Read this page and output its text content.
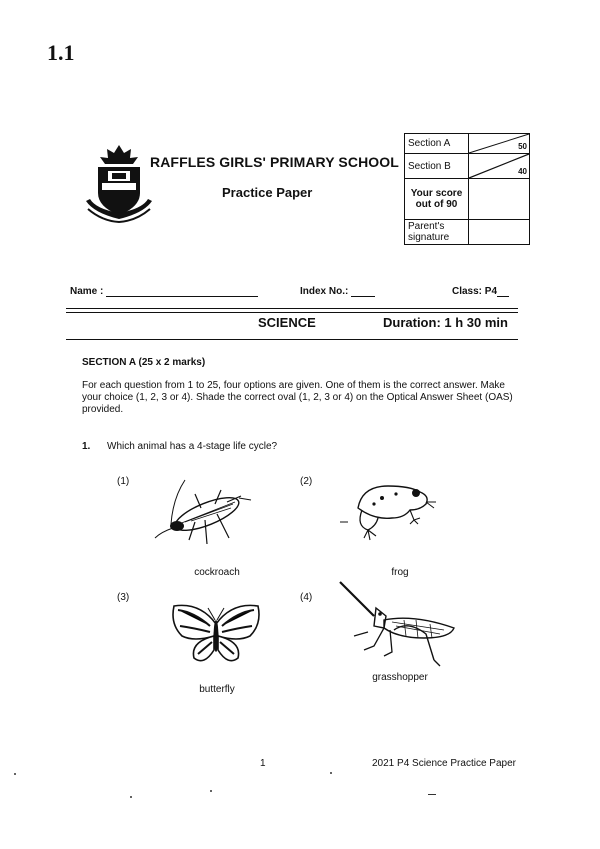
1.1
RAFFLES GIRLS' PRIMARY SCHOOL
Practice Paper
Section A	50

Section B	40

Your score out of 90	
Parent's signature	
Name :	Index No.:	Class: P4
SCIENCE	Duration: 1 h 30 min
SECTION A (25 x 2 marks)
For each question from 1 to 25, four options are given. One of them is the correct answer. Make your choice (1, 2, 3 or 4). Shade the correct oval (1, 2, 3 or 4) on the Optical Answer Sheet (OAS) provided.
1. Which animal has a 4-stage life cycle?
(1)
cockroach
(2)
frog
(3)
butterfly
(4)
grasshopper
1	2021 P4 Science Practice Paper
